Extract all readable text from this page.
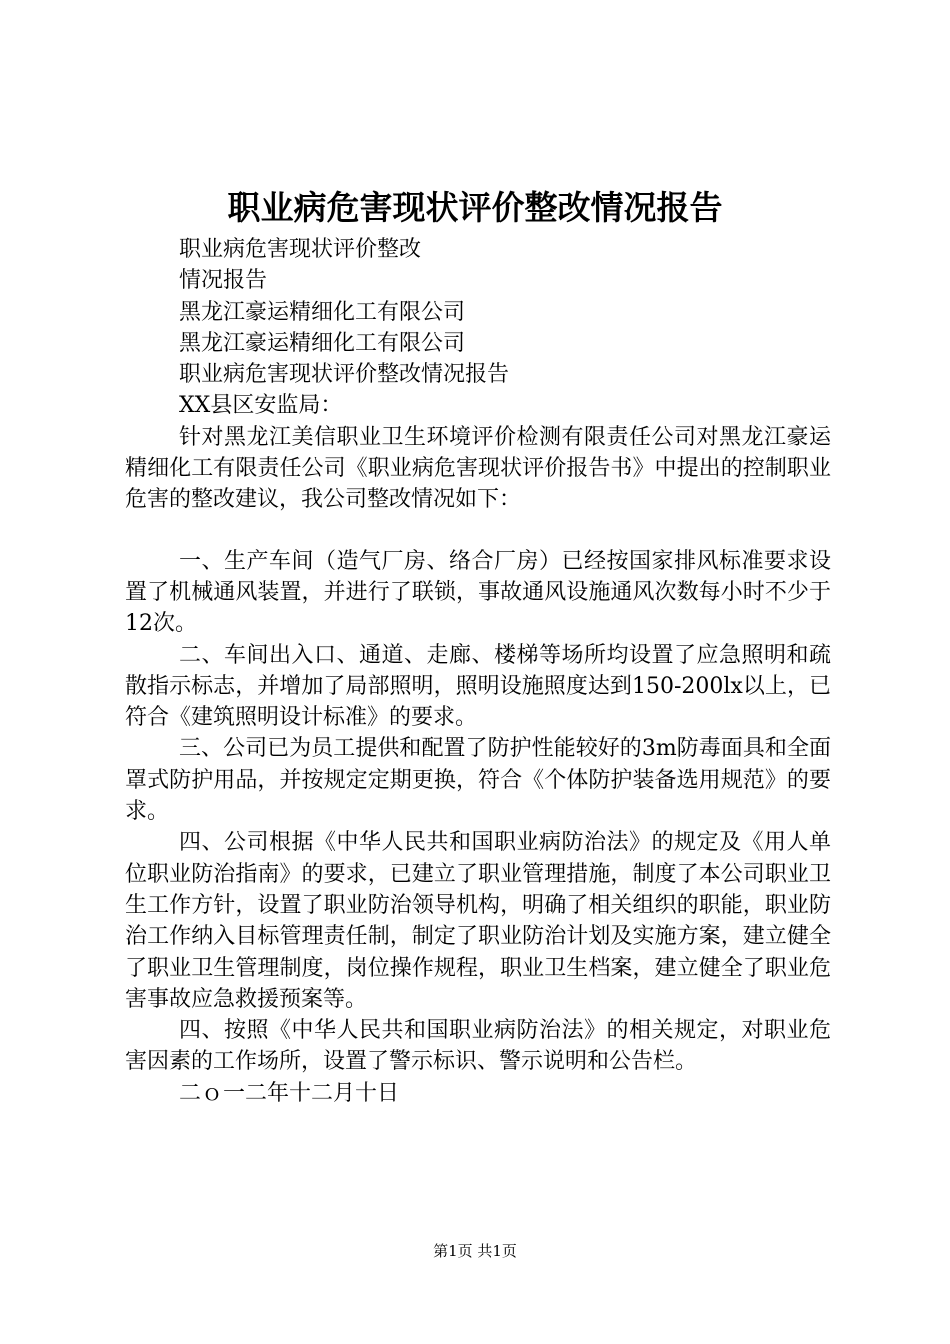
职业病危害现状评价整改情况报告

职业病危害现状评价整改

情况报告

黑龙江豪运精细化工有限公司

黑龙江豪运精细化工有限公司

职业病危害现状评价整改情况报告

XX县区安监局：

针对黑龙江美信职业卫生环境评价检测有限责任公司对黑龙江豪运精细化工有限责任公司《职业病危害现状评价报告书》中提出的控制职业危害的整改建议，我公司整改情况如下：

一、生产车间（造气厂房、络合厂房）已经按国家排风标准要求设置了机械通风装置，并进行了联锁，事故通风设施通风次数每小时不少于12次。

二、车间出入口、通道、走廊、楼梯等场所均设置了应急照明和疏散指示标志，并增加了局部照明，照明设施照度达到150-200lx以上，已符合《建筑照明设计标准》的要求。

三、公司已为员工提供和配置了防护性能较好的3m防毒面具和全面罩式防护用品，并按规定定期更换，符合《个体防护装备选用规范》的要求。

四、公司根据《中华人民共和国职业病防治法》的规定及《用人单位职业防治指南》的要求，已建立了职业管理措施，制度了本公司职业卫生工作方针，设置了职业防治领导机构，明确了相关组织的职能，职业防治工作纳入目标管理责任制，制定了职业防治计划及实施方案，建立健全了职业卫生管理制度，岗位操作规程，职业卫生档案，建立健全了职业危害事故应急救援预案等。

四、按照《中华人民共和国职业病防治法》的相关规定，对职业危害因素的工作场所，设置了警示标识、警示说明和公告栏。

二ｏ一二年十二月十日

第1页 共1页
